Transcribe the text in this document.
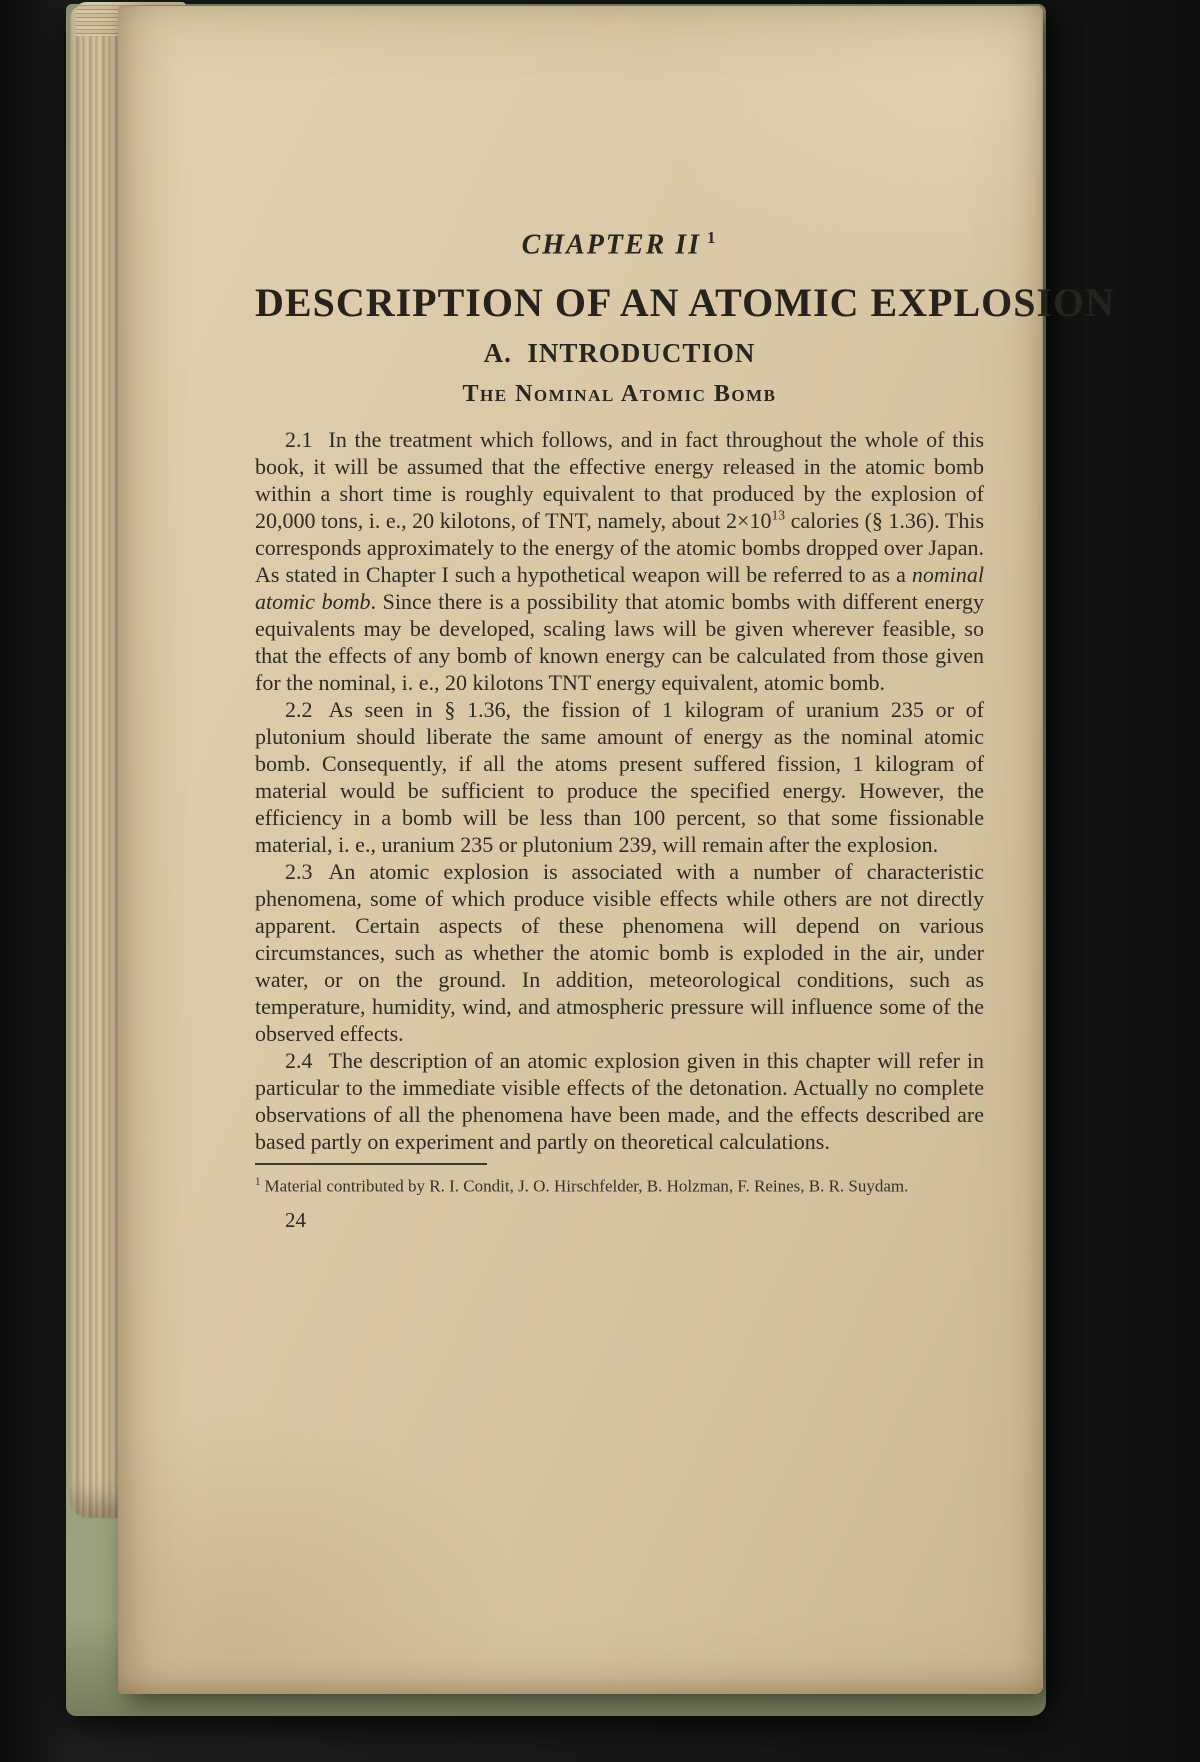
CHAPTER II $^1$
DESCRIPTION OF AN ATOMIC EXPLOSION
A.  INTRODUCTION
The Nominal Atomic Bomb

2.1 In the treatment which follows, and in fact throughout the whole of this book, it will be assumed that the effective energy released in the atomic bomb within a short time is roughly equivalent to that produced by the explosion of 20,000 tons, i. e., 20 kilotons, of TNT, namely, about $2\times 10^{13}$ calories (§ 1.36). This corresponds approximately to the energy of the atomic bombs dropped over Japan. As stated in Chapter I such a hypothetical weapon will be referred to as a nominal atomic bomb. Since there is a possibility that atomic bombs with different energy equivalents may be developed, scaling laws will be given wherever feasible, so that the effects of any bomb of known energy can be calculated from those given for the nominal, i. e., 20 kilotons TNT energy equivalent, atomic bomb.

2.2 As seen in § 1.36, the fission of 1 kilogram of uranium 235 or of plutonium should liberate the same amount of energy as the nominal atomic bomb. Consequently, if all the atoms present suffered fission, 1 kilogram of material would be sufficient to produce the specified energy. However, the efficiency in a bomb will be less than 100 percent, so that some fissionable material, i. e., uranium 235 or plutonium 239, will remain after the explosion.

2.3 An atomic explosion is associated with a number of characteristic phenomena, some of which produce visible effects while others are not directly apparent. Certain aspects of these phenomena will depend on various circumstances, such as whether the atomic bomb is exploded in the air, under water, or on the ground. In addition, meteorological conditions, such as temperature, humidity, wind, and atmospheric pressure will influence some of the observed effects.

2.4 The description of an atomic explosion given in this chapter will refer in particular to the immediate visible effects of the detonation. Actually no complete observations of all the phenomena have been made, and the effects described are based partly on experiment and partly on theoretical calculations.

$^1$ Material contributed by R. I. Condit, J. O. Hirschfelder, B. Holzman, F. Reines, B. R. Suydam.

24
